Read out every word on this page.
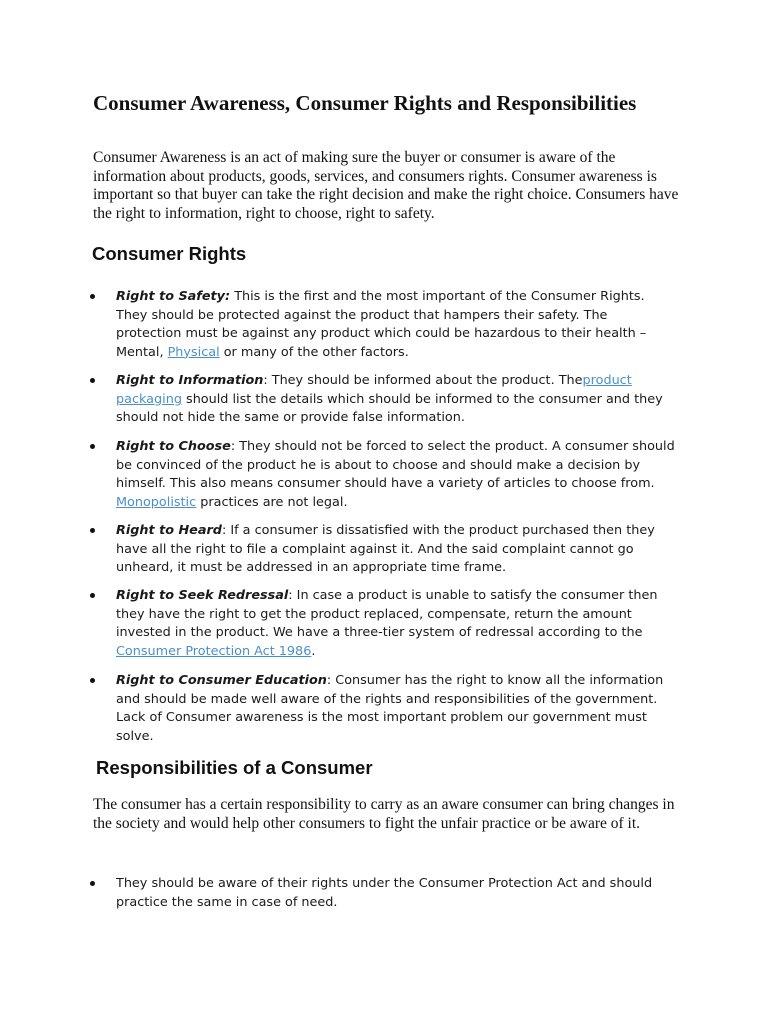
Consumer Awareness, Consumer Rights and Responsibilities

Consumer Awareness is an act of making sure the buyer or consumer is aware of the information about products, goods, services, and consumers rights. Consumer awareness is important so that buyer can take the right decision and make the right choice. Consumers have the right to information, right to choose, right to safety.

Consumer Rights

Right to Safety: This is the first and the most important of the Consumer Rights. They should be protected against the product that hampers their safety. The protection must be against any product which could be hazardous to their health – Mental, Physical or many of the other factors.

Right to Information: They should be informed about the product. Theproduct packaging should list the details which should be informed to the consumer and they should not hide the same or provide false information.

Right to Choose: They should not be forced to select the product. A consumer should be convinced of the product he is about to choose and should make a decision by himself. This also means consumer should have a variety of articles to choose from. Monopolistic practices are not legal.

Right to Heard: If a consumer is dissatisfied with the product purchased then they have all the right to file a complaint against it. And the said complaint cannot go unheard, it must be addressed in an appropriate time frame.

Right to Seek Redressal: In case a product is unable to satisfy the consumer then they have the right to get the product replaced, compensate, return the amount invested in the product. We have a three-tier system of redressal according to the Consumer Protection Act 1986.

Right to Consumer Education: Consumer has the right to know all the information and should be made well aware of the rights and responsibilities of the government. Lack of Consumer awareness is the most important problem our government must solve.

Responsibilities of a Consumer

The consumer has a certain responsibility to carry as an aware consumer can bring changes in the society and would help other consumers to fight the unfair practice or be aware of it.

They should be aware of their rights under the Consumer Protection Act and should practice the same in case of need.
